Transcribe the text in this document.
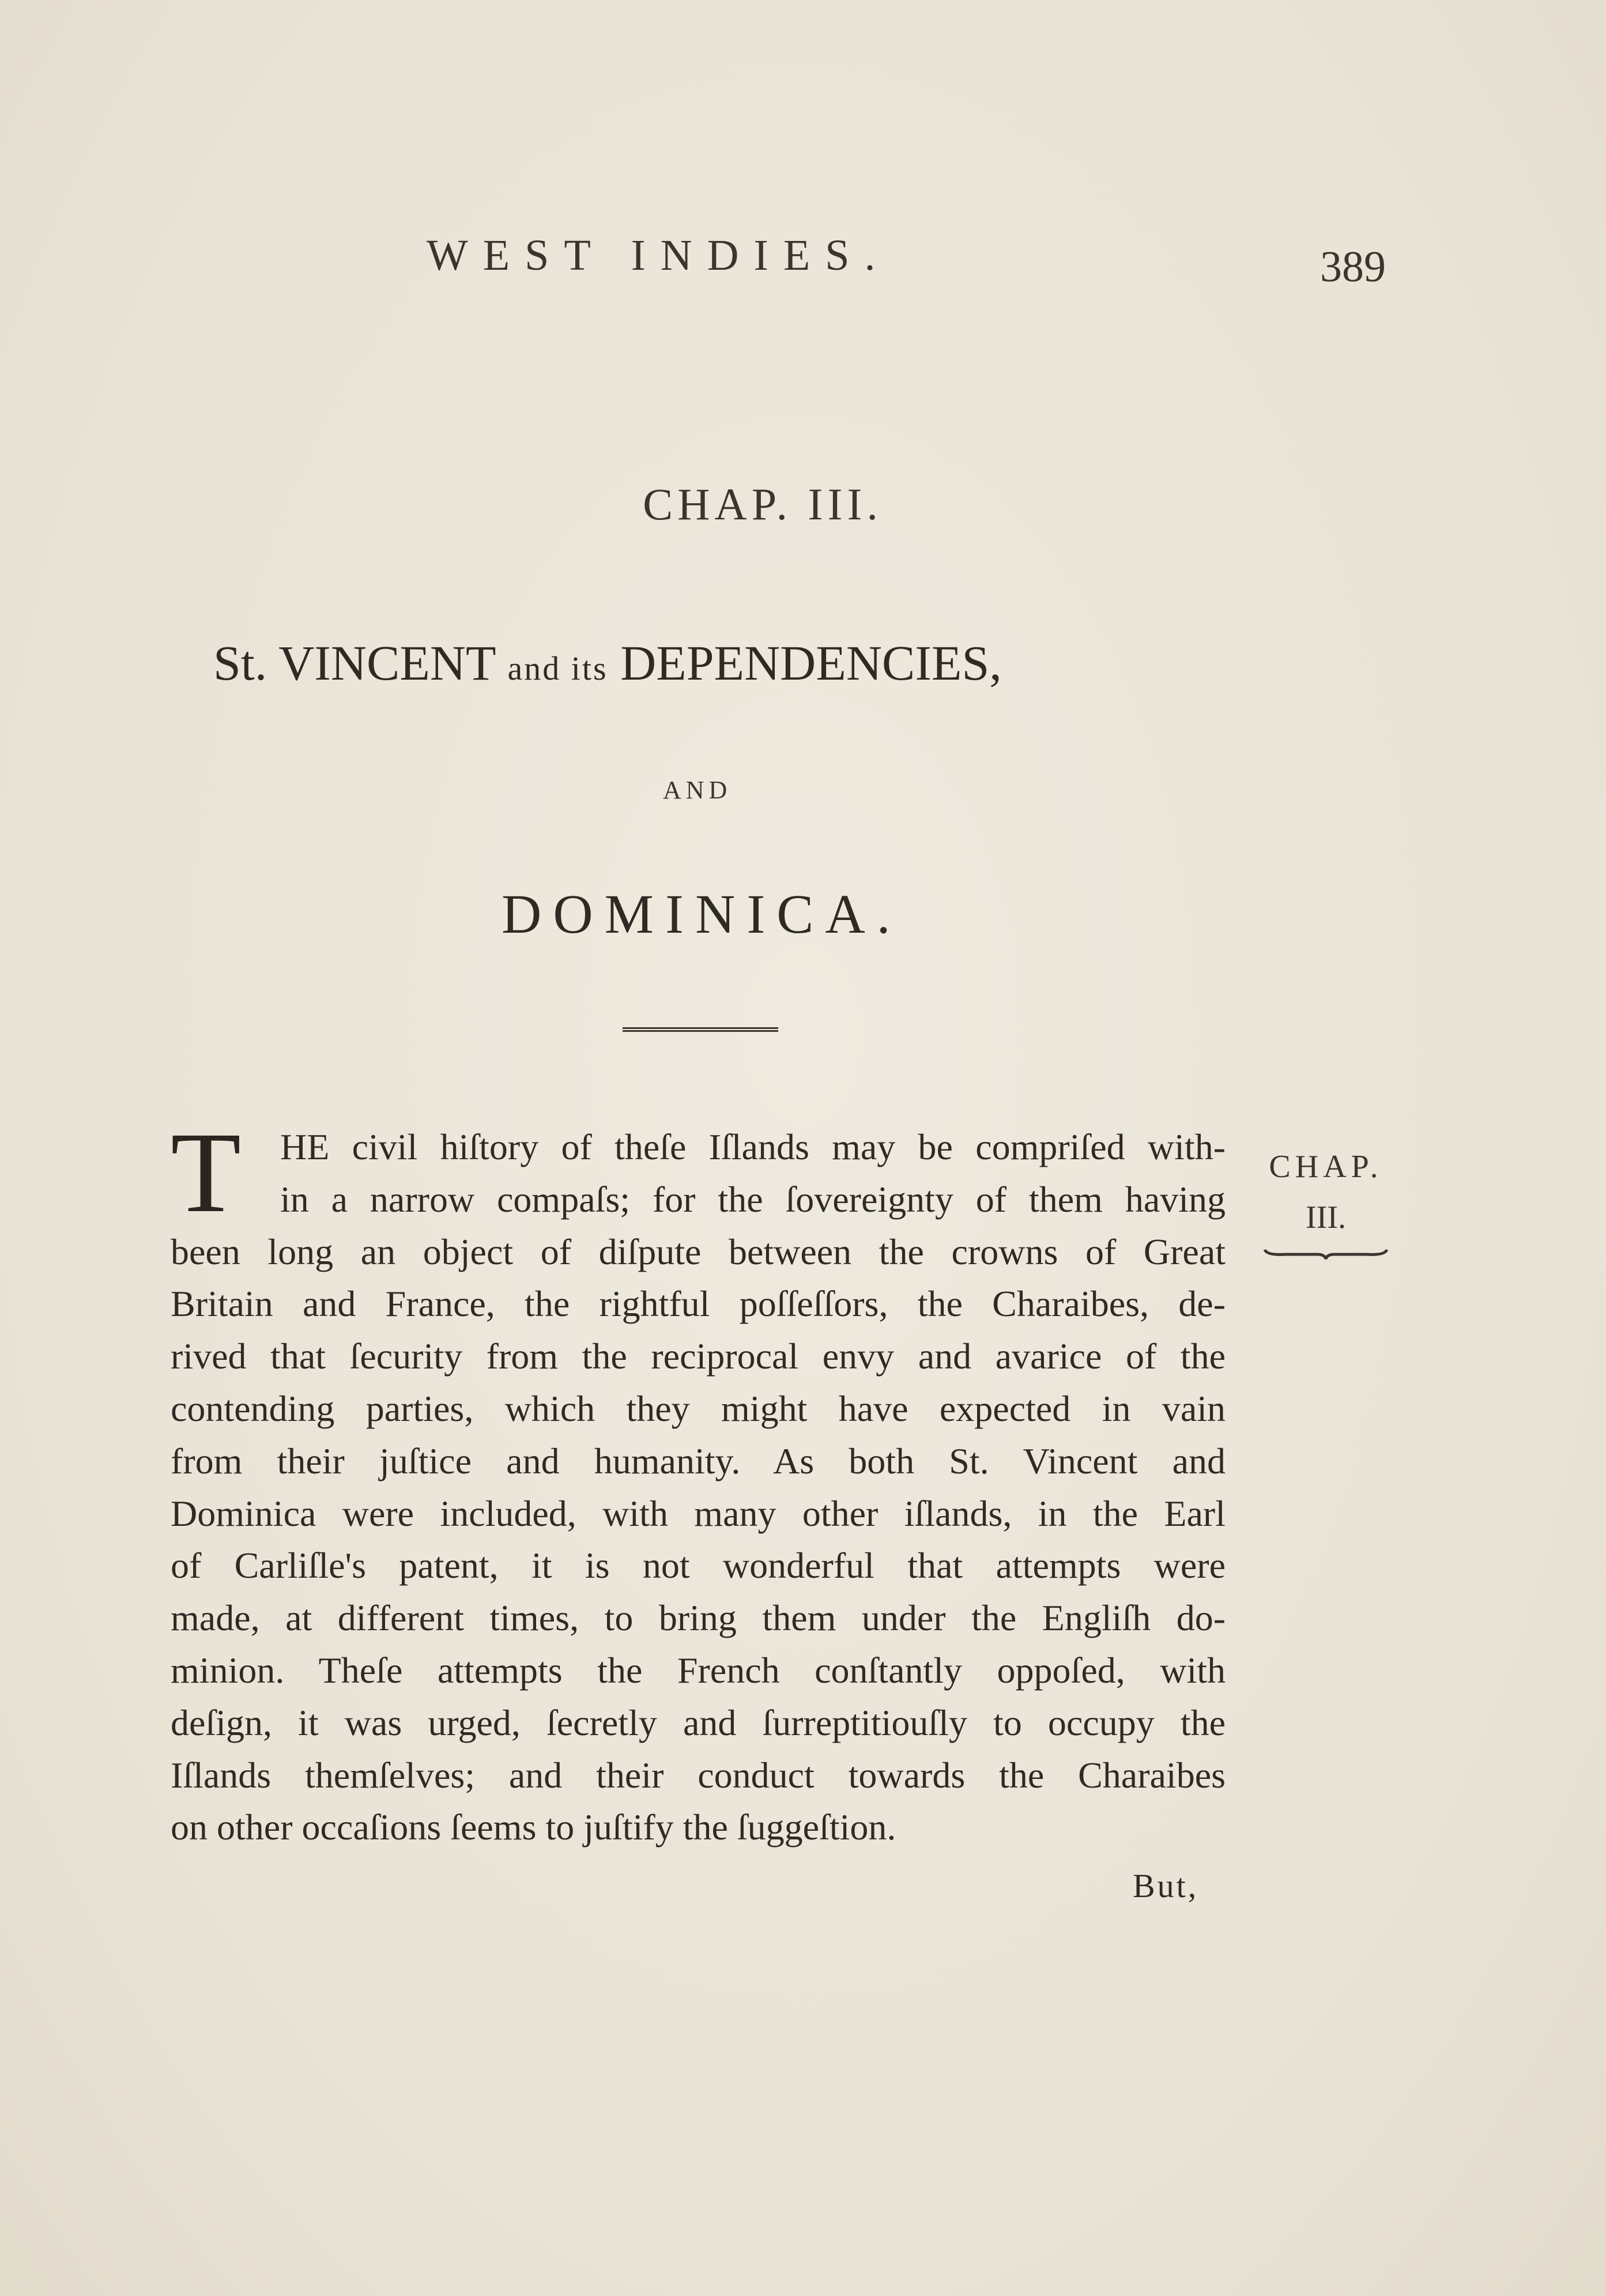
WEST INDIES.	389
CHAP. III.
St. VINCENT and its DEPENDENCIES,
AND
DOMINICA.
T	HE civil hiſtory of theſe Iſlands may be compriſed with-
in a narrow compaſs; for the ſovereignty of them having
been long an object of diſpute between the crowns of Great
Britain and France, the rightful poſſeſſors, the Charaibes, de-
rived that ſecurity from the reciprocal envy and avarice of the
contending parties, which they might have expected in vain
from their juſtice and humanity. As both St. Vincent and
Dominica were included, with many other iſlands, in the Earl
of Carliſle's patent, it is not wonderful that attempts were
made, at different times, to bring them under the Engliſh do-
minion. Theſe attempts the French conſtantly oppoſed, with
deſign, it was urged, ſecretly and ſurreptitiouſly to occupy the
Iſlands themſelves; and their conduct towards the Charaibes
on other occaſions ſeems to juſtify the ſuggeſtion.
CHAP.
III.
But,
